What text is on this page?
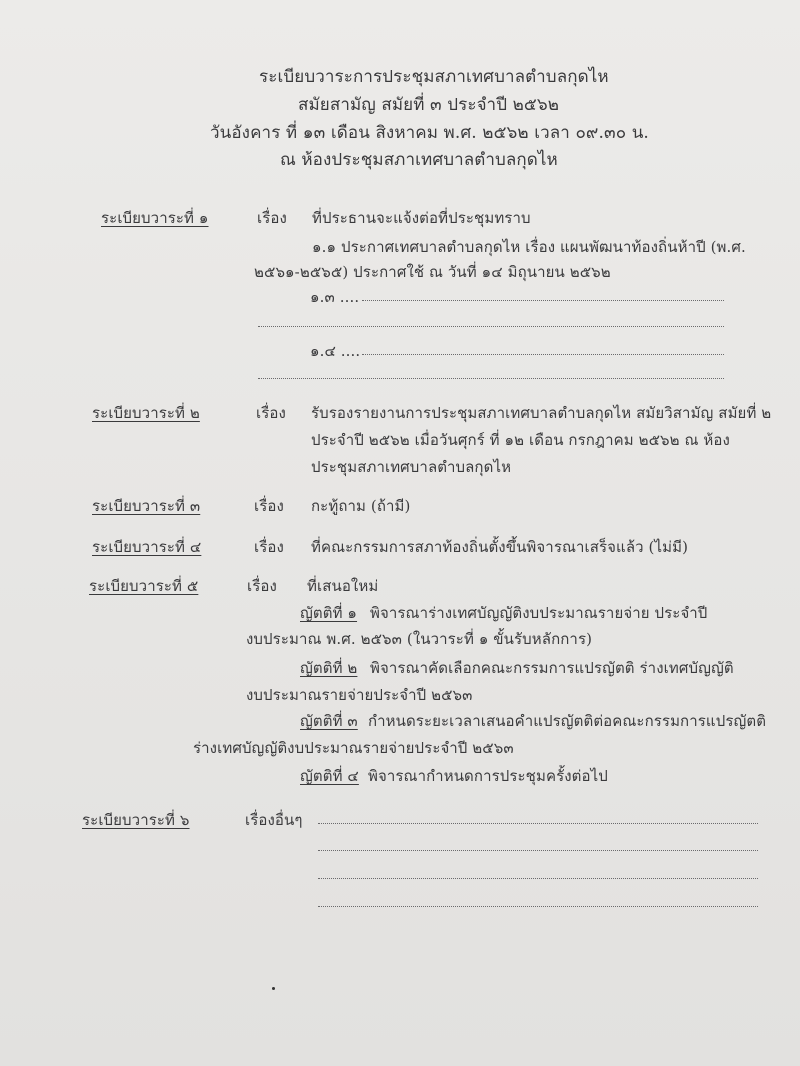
ระเบียบวาระการประชุมสภาเทศบาลตำบลกุดไห
สมัยสามัญ สมัยที่ ๓ ประจำปี ๒๕๖๒
วันอังคาร ที่ ๑๓ เดือน สิงหาคม พ.ศ. ๒๕๖๒ เวลา ๐๙.๓๐ น.
ณ ห้องประชุมสภาเทศบาลตำบลกุดไห
ระเบียบวาระที่ ๑	เรื่อง ที่ประธานจะแจ้งต่อที่ประชุมทราบ
๑.๑ ประกาศเทศบาลตำบลกุดไห เรื่อง แผนพัฒนาท้องถิ่นห้าปี (พ.ศ.
๒๕๖๑-๒๕๖๕) ประกาศใช้ ณ วันที่ ๑๔ มิถุนายน ๒๕๖๒
๑.๓ ....
๑.๔ ....
ระเบียบวาระที่ ๒	เรื่อง รับรองรายงานการประชุมสภาเทศบาลตำบลกุดไห สมัยวิสามัญ สมัยที่ ๒
ประจำปี ๒๕๖๒ เมื่อวันศุกร์ ที่ ๑๒ เดือน กรกฎาคม ๒๕๖๒ ณ ห้อง
ประชุมสภาเทศบาลตำบลกุดไห
ระเบียบวาระที่ ๓	เรื่อง กะทู้ถาม (ถ้ามี)
ระเบียบวาระที่ ๔	เรื่อง ที่คณะกรรมการสภาท้องถิ่นตั้งขึ้นพิจารณาเสร็จแล้ว (ไม่มี)
ระเบียบวาระที่ ๕	เรื่อง ที่เสนอใหม่
ญัตติที่ ๑ พิจารณาร่างเทศบัญญัติงบประมาณรายจ่าย ประจำปี
งบประมาณ พ.ศ. ๒๕๖๓ (ในวาระที่ ๑ ขั้นรับหลักการ)
ญัตติที่ ๒ พิจารณาคัดเลือกคณะกรรมการแปรญัตติ ร่างเทศบัญญัติ
งบประมาณรายจ่ายประจำปี ๒๕๖๓
ญัตติที่ ๓ กำหนดระยะเวลาเสนอคำแปรญัตติต่อคณะกรรมการแปรญัตติ
ร่างเทศบัญญัติงบประมาณรายจ่ายประจำปี ๒๕๖๓
ญัตติที่ ๔ พิจารณากำหนดการประชุมครั้งต่อไป
ระเบียบวาระที่ ๖	เรื่องอื่นๆ
